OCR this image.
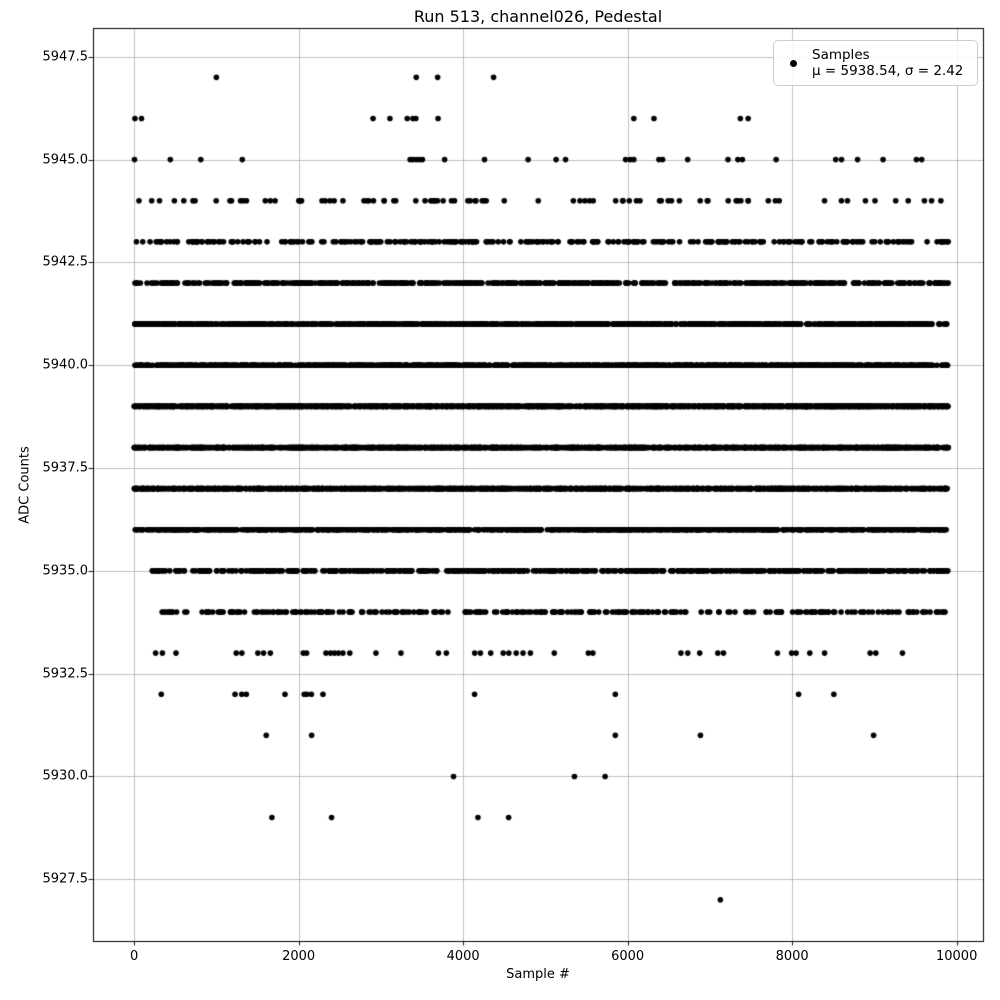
Run 513, channel026, Pedestal
Sample #
ADC Counts
0	2000	4000	6000	8000	10000
5927.5
5930.0
5932.5
5935.0
5937.5
5940.0
5942.5
5945.0
5947.5	Samples
μ = 5938.54, σ = 2.42
